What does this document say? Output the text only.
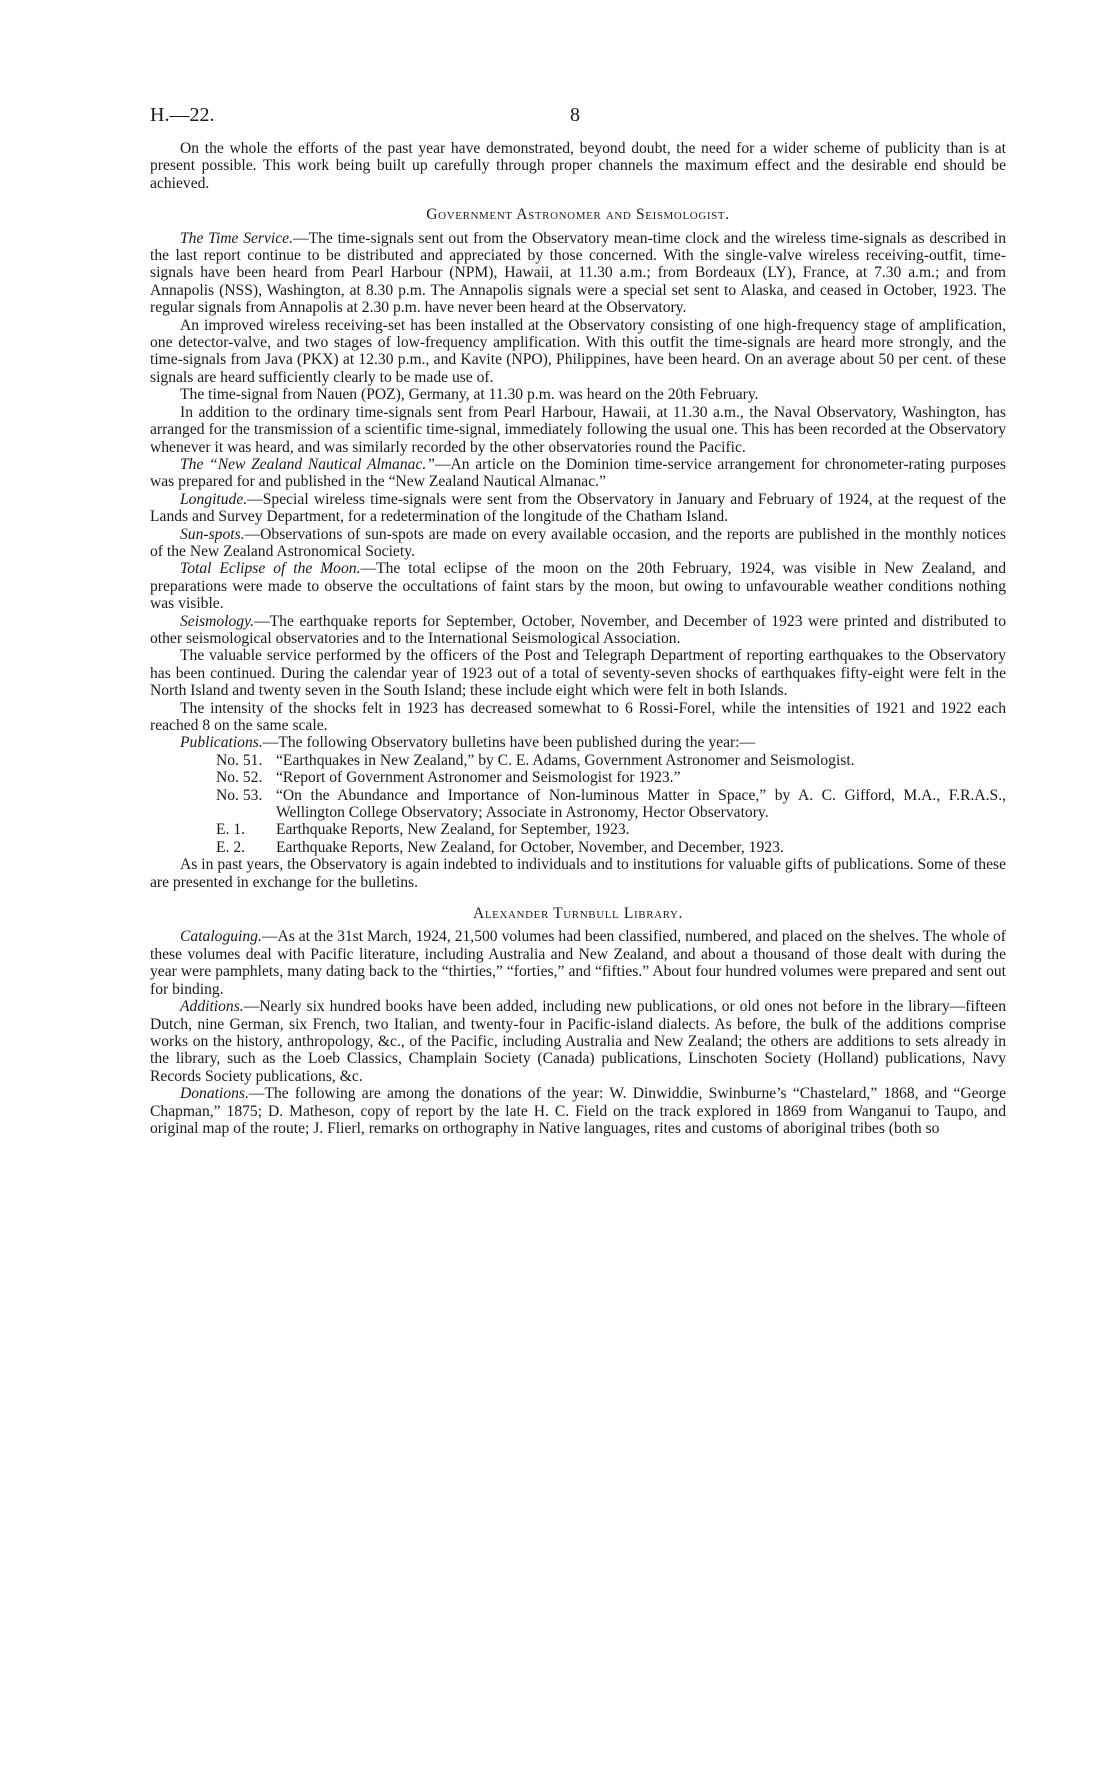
H.—22.	8

On the whole the efforts of the past year have demonstrated, beyond doubt, the need for a wider scheme of publicity than is at present possible. This work being built up carefully through proper channels the maximum effect and the desirable end should be achieved.

Government Astronomer and Seismologist.

The Time Service.—The time-signals sent out from the Observatory mean-time clock and the wireless time-signals as described in the last report continue to be distributed and appreciated by those concerned. With the single-valve wireless receiving-outfit, time-signals have been heard from Pearl Harbour (NPM), Hawaii, at 11.30 a.m.; from Bordeaux (LY), France, at 7.30 a.m.; and from Annapolis (NSS), Washington, at 8.30 p.m. The Annapolis signals were a special set sent to Alaska, and ceased in October, 1923. The regular signals from Annapolis at 2.30 p.m. have never been heard at the Observatory.

An improved wireless receiving-set has been installed at the Observatory consisting of one high-frequency stage of amplification, one detector-valve, and two stages of low-frequency amplification. With this outfit the time-signals are heard more strongly, and the time-signals from Java (PKX) at 12.30 p.m., and Kavite (NPO), Philippines, have been heard. On an average about 50 per cent. of these signals are heard sufficiently clearly to be made use of.

The time-signal from Nauen (POZ), Germany, at 11.30 p.m. was heard on the 20th February.

In addition to the ordinary time-signals sent from Pearl Harbour, Hawaii, at 11.30 a.m., the Naval Observatory, Washington, has arranged for the transmission of a scientific time-signal, immediately following the usual one. This has been recorded at the Observatory whenever it was heard, and was similarly recorded by the other observatories round the Pacific.

The “New Zealand Nautical Almanac.”—An article on the Dominion time-service arrangement for chronometer-rating purposes was prepared for and published in the “New Zealand Nautical Almanac.”

Longitude.—Special wireless time-signals were sent from the Observatory in January and February of 1924, at the request of the Lands and Survey Department, for a redetermination of the longitude of the Chatham Island.

Sun-spots.—Observations of sun-spots are made on every available occasion, and the reports are published in the monthly notices of the New Zealand Astronomical Society.

Total Eclipse of the Moon.—The total eclipse of the moon on the 20th February, 1924, was visible in New Zealand, and preparations were made to observe the occultations of faint stars by the moon, but owing to unfavourable weather conditions nothing was visible.

Seismology.—The earthquake reports for September, October, November, and December of 1923 were printed and distributed to other seismological observatories and to the International Seismological Association.

The valuable service performed by the officers of the Post and Telegraph Department of reporting earthquakes to the Observatory has been continued. During the calendar year of 1923 out of a total of seventy-seven shocks of earthquakes fifty-eight were felt in the North Island and twenty seven in the South Island; these include eight which were felt in both Islands.

The intensity of the shocks felt in 1923 has decreased somewhat to 6 Rossi-Forel, while the intensities of 1921 and 1922 each reached 8 on the same scale.

Publications.—The following Observatory bulletins have been published during the year:—

No. 51. “Earthquakes in New Zealand,” by C. E. Adams, Government Astronomer and Seismologist.
No. 52. “Report of Government Astronomer and Seismologist for 1923.”
No. 53. “On the Abundance and Importance of Non-luminous Matter in Space,” by A. C. Gifford, M.A., F.R.A.S., Wellington College Observatory; Associate in Astronomy, Hector Observatory.
E. 1.	Earthquake Reports, New Zealand, for September, 1923.
E. 2.	Earthquake Reports, New Zealand, for October, November, and December, 1923.

As in past years, the Observatory is again indebted to individuals and to institutions for valuable gifts of publications. Some of these are presented in exchange for the bulletins.

Alexander Turnbull Library.

Cataloguing.—As at the 31st March, 1924, 21,500 volumes had been classified, numbered, and placed on the shelves. The whole of these volumes deal with Pacific literature, including Australia and New Zealand, and about a thousand of those dealt with during the year were pamphlets, many dating back to the “thirties,” “forties,” and “fifties.” About four hundred volumes were prepared and sent out for binding.

Additions.—Nearly six hundred books have been added, including new publications, or old ones not before in the library—fifteen Dutch, nine German, six French, two Italian, and twenty-four in Pacific-island dialects. As before, the bulk of the additions comprise works on the history, anthropology, &c., of the Pacific, including Australia and New Zealand; the others are additions to sets already in the library, such as the Loeb Classics, Champlain Society (Canada) publications, Linschoten Society (Holland) publications, Navy Records Society publications, &c.

Donations.—The following are among the donations of the year: W. Dinwiddie, Swinburne’s “Chastelard,” 1868, and “George Chapman,” 1875; D. Matheson, copy of report by the late H. C. Field on the track explored in 1869 from Wanganui to Taupo, and original map of the route; J. Flierl, remarks on orthography in Native languages, rites and customs of aboriginal tribes (both so
